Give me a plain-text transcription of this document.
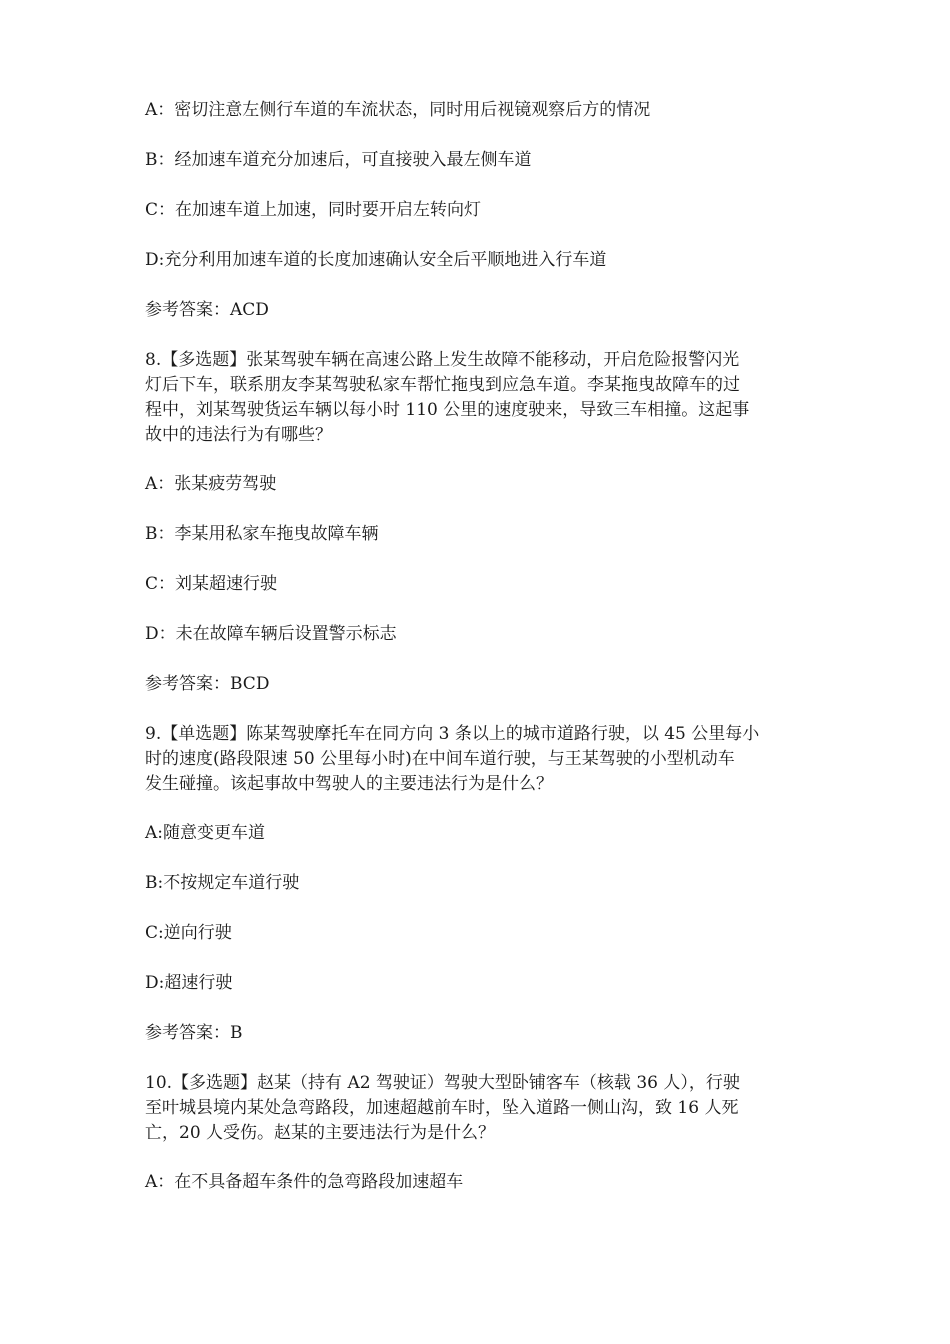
A：密切注意左侧行车道的车流状态，同时用后视镜观察后方的情况
B：经加速车道充分加速后，可直接驶入最左侧车道
C：在加速车道上加速，同时要开启左转向灯
D:充分利用加速车道的长度加速确认安全后平顺地进入行车道
参考答案：ACD
8.【多选题】张某驾驶车辆在高速公路上发生故障不能移动，开启危险报警闪光
灯后下车，联系朋友李某驾驶私家车帮忙拖曳到应急车道。李某拖曳故障车的过
程中，刘某驾驶货运车辆以每小时 110 公里的速度驶来，导致三车相撞。这起事
故中的违法行为有哪些？
A：张某疲劳驾驶
B：李某用私家车拖曳故障车辆
C：刘某超速行驶
D：未在故障车辆后设置警示标志
参考答案：BCD
9.【单选题】陈某驾驶摩托车在同方向 3 条以上的城市道路行驶，以 45 公里每小
时的速度(路段限速 50 公里每小时)在中间车道行驶，与王某驾驶的小型机动车
发生碰撞。该起事故中驾驶人的主要违法行为是什么？
A:随意变更车道
B:不按规定车道行驶
C:逆向行驶
D:超速行驶
参考答案：B
10.【多选题】赵某（持有 A2 驾驶证）驾驶大型卧铺客车（核载 36 人），行驶
至叶城县境内某处急弯路段，加速超越前车时，坠入道路一侧山沟，致 16 人死
亡，20 人受伤。赵某的主要违法行为是什么？
A：在不具备超车条件的急弯路段加速超车
